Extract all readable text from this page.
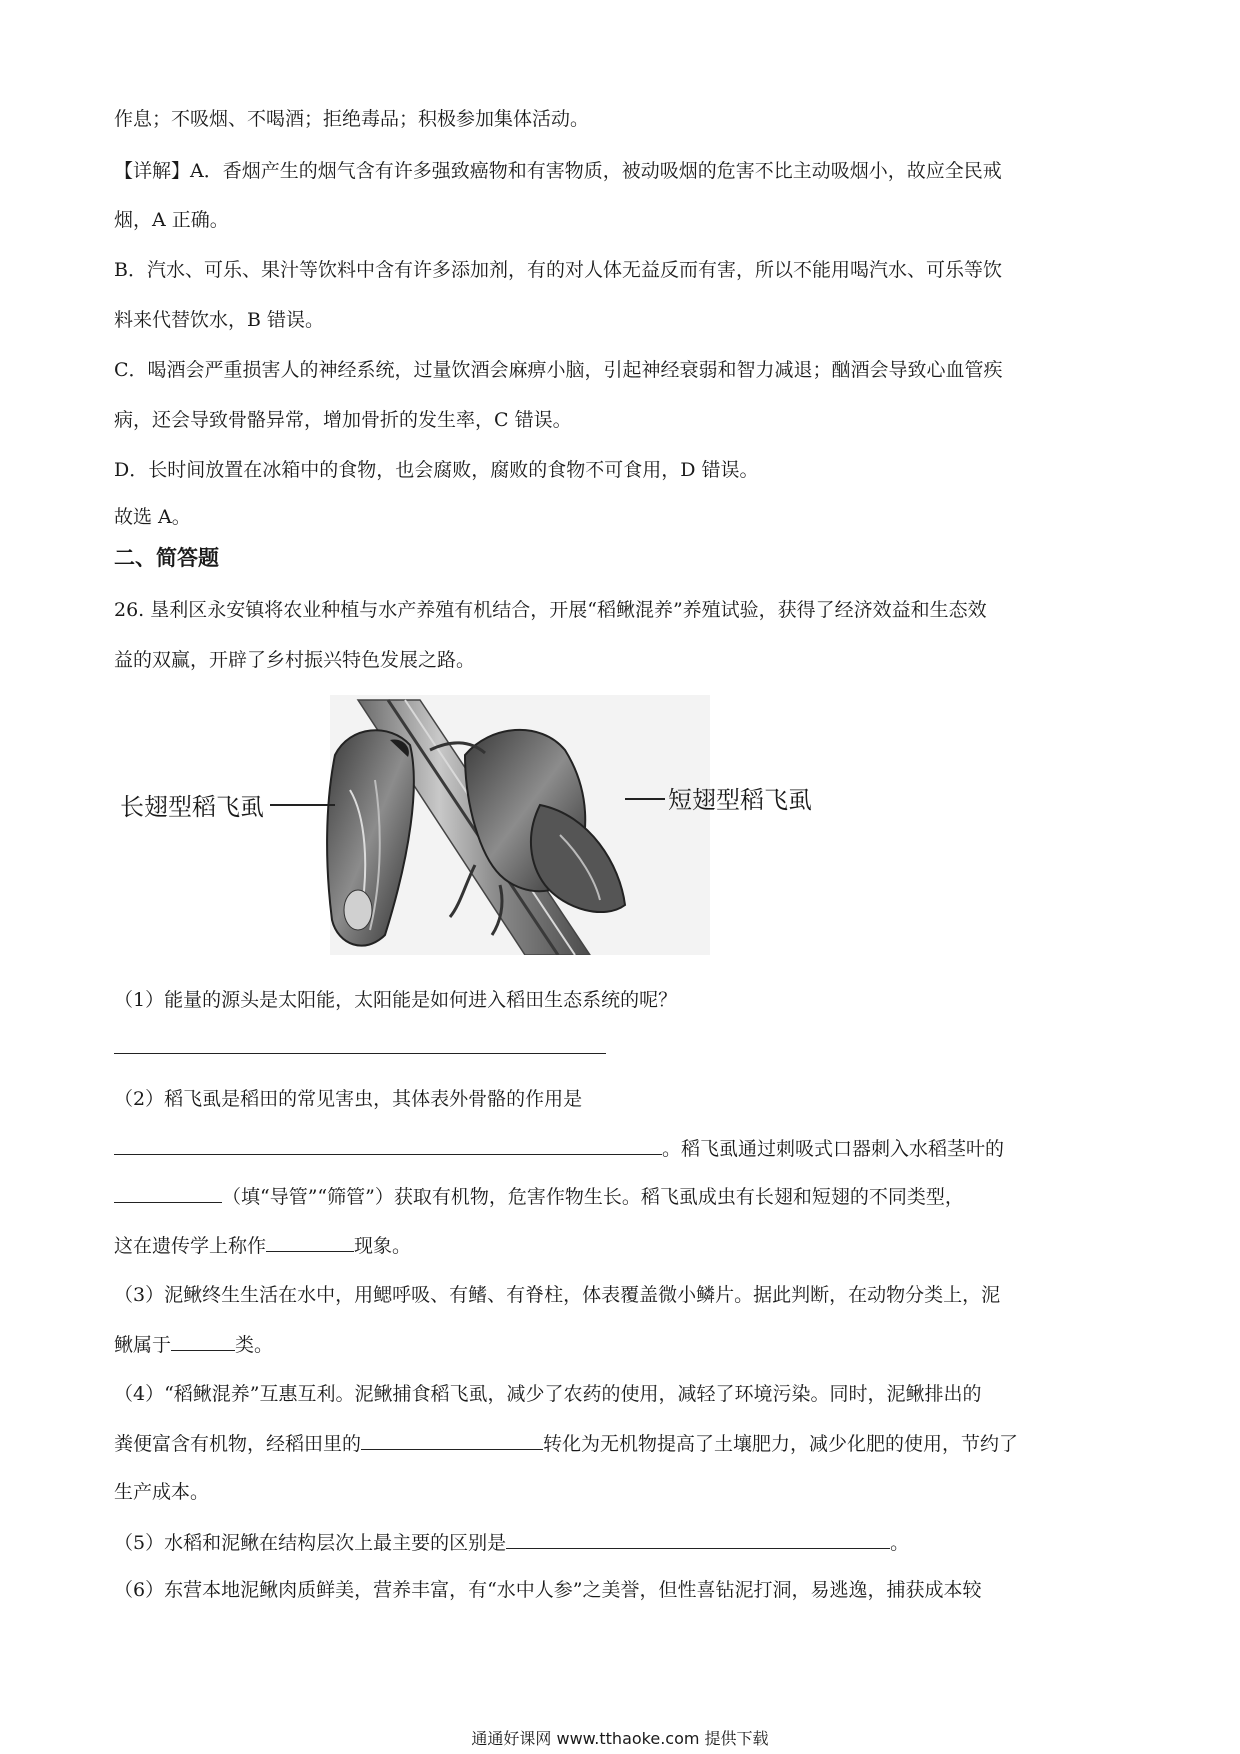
作息；不吸烟、不喝酒；拒绝毒品；积极参加集体活动。
【详解】A．香烟产生的烟气含有许多强致癌物和有害物质，被动吸烟的危害不比主动吸烟小，故应全民戒
烟，A 正确。
B．汽水、可乐、果汁等饮料中含有许多添加剂，有的对人体无益反而有害，所以不能用喝汽水、可乐等饮
料来代替饮水，B 错误。
C．喝酒会严重损害人的神经系统，过量饮酒会麻痹小脑，引起神经衰弱和智力减退；酗酒会导致心血管疾
病，还会导致骨骼异常，增加骨折的发生率，C 错误。
D．长时间放置在冰箱中的食物，也会腐败，腐败的食物不可食用，D 错误。
故选 A。
二、简答题
26. 垦利区永安镇将农业种植与水产养殖有机结合，开展“稻鳅混养”养殖试验，获得了经济效益和生态效
益的双赢，开辟了乡村振兴特色发展之路。
长翅型稻飞虱	短翅型稻飞虱
（1）能量的源头是太阳能，太阳能是如何进入稻田生态系统的呢？
（2）稻飞虱是稻田的常见害虫，其体表外骨骼的作用是
。稻飞虱通过刺吸式口器刺入水稻茎叶的
（填“导管”“筛管”）获取有机物，危害作物生长。稻飞虱成虫有长翅和短翅的不同类型，
这在遗传学上称作	现象。
（3）泥鳅终生生活在水中，用鳃呼吸、有鳍、有脊柱，体表覆盖微小鳞片。据此判断，在动物分类上，泥
鳅属于	类。
（4）“稻鳅混养”互惠互利。泥鳅捕食稻飞虱，减少了农药的使用，减轻了环境污染。同时，泥鳅排出的
粪便富含有机物，经稻田里的	转化为无机物提高了土壤肥力，减少化肥的使用，节约了
生产成本。
（5）水稻和泥鳅在结构层次上最主要的区别是	。
（6）东营本地泥鳅肉质鲜美，营养丰富，有“水中人参”之美誉，但性喜钻泥打洞，易逃逸，捕获成本较
通通好课网 www.tthaoke.com 提供下载
